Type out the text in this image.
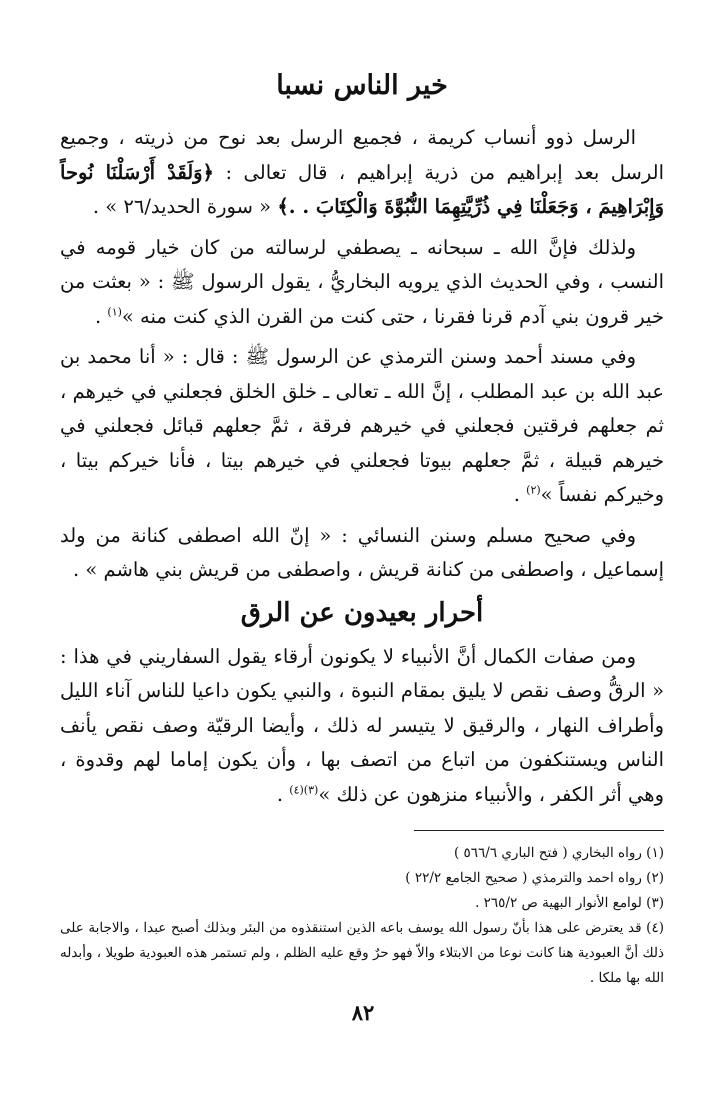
خير الناس نسبا

الرسل ذوو أنساب كريمة ، فجميع الرسل بعد نوح من ذريته ، وجميع الرسل بعد إبراهيم من ذرية إبراهيم ، قال تعالى : ﴿وَلَقَدْ أَرْسَلْنَا نُوحاً وَإِبْرَاهِيمَ ، وَجَعَلْنَا فِي ذُرِّيَّتِهِمَا النُّبُوَّةَ وَالْكِتَابَ . .﴾ « سورة الحديد/٢٦ » .

ولذلك فإنَّ الله ـ سبحانه ـ يصطفي لرسالته من كان خيار قومه في النسب ، وفي الحديث الذي يرويه البخاريُّ ، يقول الرسول ﷺ : « بعثت من خير قرون بني آدم قرنا فقرنا ، حتى كنت من القرن الذي كنت منه »$^{(١)}$ .

وفي مسند أحمد وسنن الترمذي عن الرسول ﷺ : قال : « أنا محمد بن عبد الله بن عبد المطلب ، إنَّ الله ـ تعالى ـ خلق الخلق فجعلني في خيرهم ، ثم جعلهم فرقتين فجعلني في خيرهم فرقة ، ثمَّ جعلهم قبائل فجعلني في خيرهم قبيلة ، ثمَّ جعلهم بيوتا فجعلني في خيرهم بيتا ، فأنا خيركم بيتا ، وخيركم نفساً »$^{(٢)}$ .

وفي صحيح مسلم وسنن النسائي : « إنّ الله اصطفى كنانة من ولد إسماعيل ، واصطفى من كنانة قريش ، واصطفى من قريش بني هاشم » .

أحرار بعيدون عن الرق

ومن صفات الكمال أنَّ الأنبياء لا يكونون أرقاء يقول السفاريني في هذا : « الرقُّ وصف نقص لا يليق بمقام النبوة ، والنبي يكون داعيا للناس آناء الليل وأطراف النهار ، والرقيق لا يتيسر له ذلك ، وأيضا الرقيّة وصف نقص يأنف الناس ويستنكفون من اتباع من اتصف بها ، وأن يكون إماما لهم وقدوة ، وهي أثر الكفر ، والأنبياء منزهون عن ذلك »$^{(٣)(٤)}$ .

(١) رواه البخاري ( فتح الباري ٥٦٦/٦ )
(٢) رواه احمد والترمذي ( صحيح الجامع ٢٢/٢ )
(٣) لوامع الأنوار البهية ص ٢٦٥/٢ .
(٤) قد يعترض على هذا بأنّ رسول الله يوسف باعه الذين استنقذوه من البئر وبذلك أصبح عبدا ، والاجابة على ذلك أنَّ العبودية هنا كانت نوعا من الابتلاء والاّ فهو حرٌ وقع عليه الظلم ، ولم تستمر هذه العبودية طويلا ، وأبدله الله بها ملكا .
٨٢
